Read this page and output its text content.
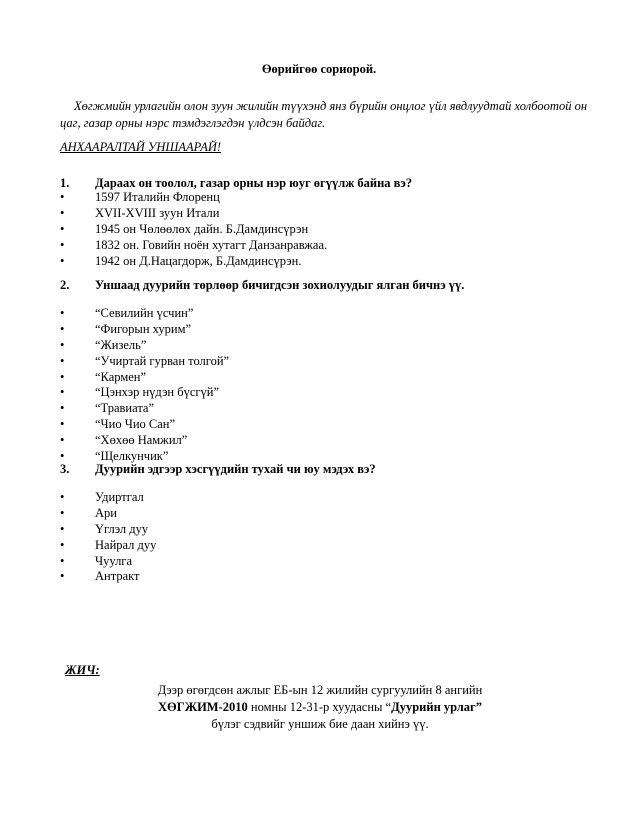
Өөрийгөө сориорой.
Хөгжмийн урлагийн олон зуун жилийн түүхэнд янз бүрийн онцлог үйл явдлуудтай холбоотой он цаг, газар орны нэрс тэмдэглэгдэн үлдсэн байдаг.
АНХААРАЛТАЙ УНШААРАЙ!
1. Дараах он тоолол, газар орны нэр юуг өгүүлж байна вэ?
• 1597 Италийн Флоренц
• XVII-XVIII зуун Итали
• 1945 он Чөлөөлөх дайн. Б.Дамдинсүрэн
• 1832 он. Говийн ноён хутагт Данзанравжаа.
• 1942 он Д.Нацагдорж, Б.Дамдинсүрэн.
2. Уншаад дуурийн төрлөөр бичигдсэн зохиолуудыг ялган бичнэ үү.
• “Севилийн үсчин”
• “Фигорын хурим”
• “Жизель”
• “Учиртай гурван толгой”
• “Кармен”
• “Цэнхэр нүдэн бүсгүй”
• “Травиата”
• “Чио Чио Сан”
• “Хөхөө Намжил”
• “Щелкунчик”
3. Дуурийн эдгээр хэсгүүдийн тухай чи юу мэдэх вэ?
• Удиртгал
• Ари
• Үглэл дуу
• Найрал дуу
• Чуулга
• Антракт
ЖИЧ:
Дээр өгөгдсөн ажлыг ЕБ-ын 12 жилийн сургуулийн 8 ангийн
ХӨГЖИМ-2010 номны 12-31-р хуудасны “Дуурийн урлаг”
бүлэг сэдвийг уншиж бие даан хийнэ үү.
